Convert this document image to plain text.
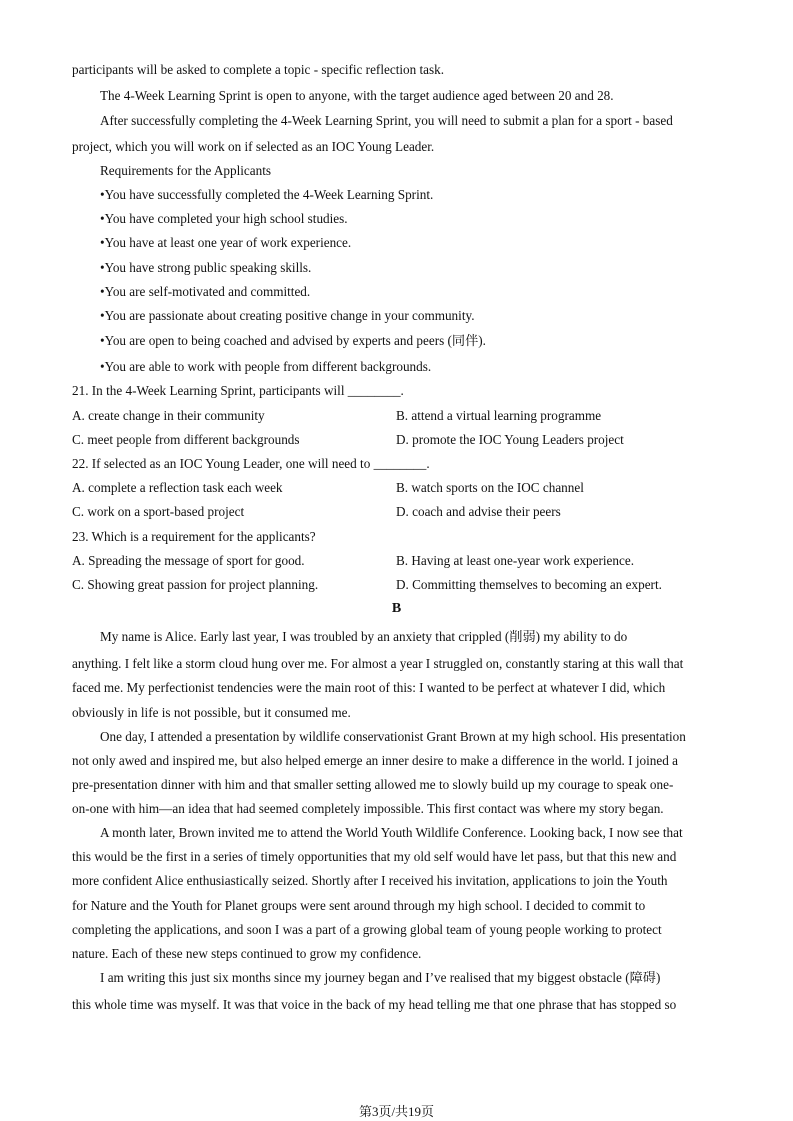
participants will be asked to complete a topic - specific reflection task.
The 4-Week Learning Sprint is open to anyone, with the target audience aged between 20 and 28.
After successfully completing the 4-Week Learning Sprint, you will need to submit a plan for a sport - based
project, which you will work on if selected as an IOC Young Leader.
Requirements for the Applicants
•You have successfully completed the 4-Week Learning Sprint.
•You have completed your high school studies.
•You have at least one year of work experience.
•You have strong public speaking skills.
•You are self-motivated and committed.
•You are passionate about creating positive change in your community.
•You are open to being coached and advised by experts and peers (同伴).
•You are able to work with people from different backgrounds.
21. In the 4-Week Learning Sprint, participants will ________.
A. create change in their community	B. attend a virtual learning programme
C. meet people from different backgrounds	D. promote the IOC Young Leaders project
22. If selected as an IOC Young Leader, one will need to ________.
A. complete a reflection task each week	B. watch sports on the IOC channel
C. work on a sport-based project	D. coach and advise their peers
23. Which is a requirement for the applicants?
A. Spreading the message of sport for good.	B. Having at least one-year work experience.
C. Showing great passion for project planning.	D. Committing themselves to becoming an expert.
B
My name is Alice. Early last year, I was troubled by an anxiety that crippled (削弱) my ability to do
anything. I felt like a storm cloud hung over me. For almost a year I struggled on, constantly staring at this wall that
faced me. My perfectionist tendencies were the main root of this: I wanted to be perfect at whatever I did, which
obviously in life is not possible, but it consumed me.
One day, I attended a presentation by wildlife conservationist Grant Brown at my high school. His presentation
not only awed and inspired me, but also helped emerge an inner desire to make a difference in the world. I joined a
pre-presentation dinner with him and that smaller setting allowed me to slowly build up my courage to speak one-
on-one with him—an idea that had seemed completely impossible. This first contact was where my story began.
A month later, Brown invited me to attend the World Youth Wildlife Conference. Looking back, I now see that
this would be the first in a series of timely opportunities that my old self would have let pass, but that this new and
more confident Alice enthusiastically seized. Shortly after I received his invitation, applications to join the Youth
for Nature and the Youth for Planet groups were sent around through my high school. I decided to commit to
completing the applications, and soon I was a part of a growing global team of young people working to protect
nature. Each of these new steps continued to grow my confidence.
I am writing this just six months since my journey began and I’ve realised that my biggest obstacle (障碍)
this whole time was myself. It was that voice in the back of my head telling me that one phrase that has stopped so
第3页/共19页
